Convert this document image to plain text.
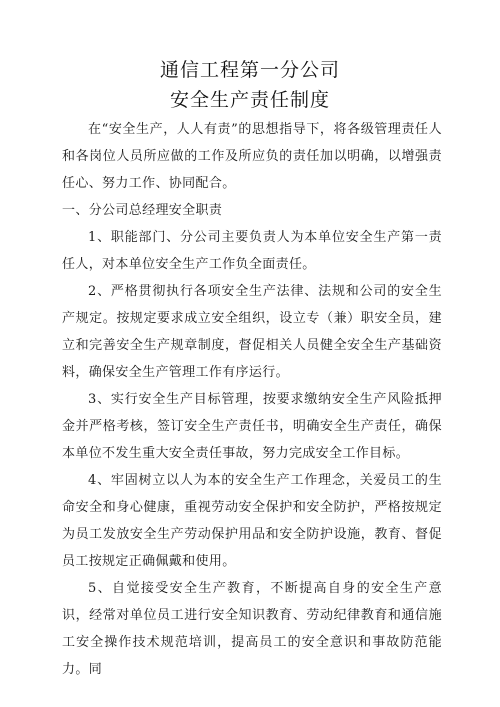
通信工程第一分公司
安全生产责任制度

在“安全生产，人人有责”的思想指导下，将各级管理责任人和各岗位人员所应做的工作及所应负的责任加以明确，以增强责任心、努力工作、协同配合。

一、分公司总经理安全职责

1、职能部门、分公司主要负责人为本单位安全生产第一责任人，对本单位安全生产工作负全面责任。

2、严格贯彻执行各项安全生产法律、法规和公司的安全生产规定。按规定要求成立安全组织，设立专（兼）职安全员，建立和完善安全生产规章制度，督促相关人员健全安全生产基础资料，确保安全生产管理工作有序运行。

3、实行安全生产目标管理，按要求缴纳安全生产风险抵押金并严格考核，签订安全生产责任书，明确安全生产责任，确保本单位不发生重大安全责任事故，努力完成安全工作目标。

4、牢固树立以人为本的安全生产工作理念，关爱员工的生命安全和身心健康，重视劳动安全保护和安全防护，严格按规定为员工发放安全生产劳动保护用品和安全防护设施，教育、督促员工按规定正确佩戴和使用。

5、自觉接受安全生产教育，不断提高自身的安全生产意识，经常对单位员工进行安全知识教育、劳动纪律教育和通信施工安全操作技术规范培训，提高员工的安全意识和事故防范能力。同
